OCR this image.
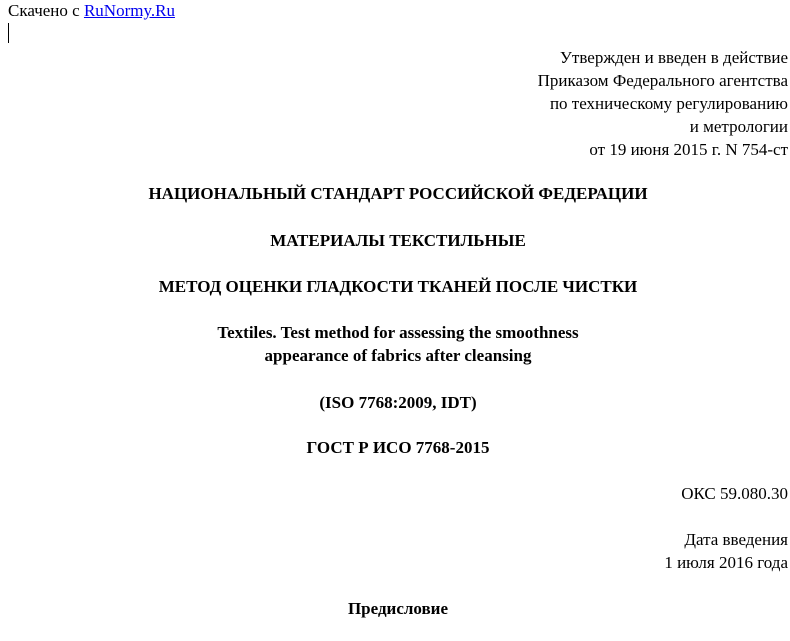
Скачено с RuNormy.Ru
Утвержден и введен в действие
Приказом Федерального агентства
по техническому регулированию
и метрологии
от 19 июня 2015 г. N 754-ст
НАЦИОНАЛЬНЫЙ СТАНДАРТ РОССИЙСКОЙ ФЕДЕРАЦИИ
МАТЕРИАЛЫ ТЕКСТИЛЬНЫЕ
МЕТОД ОЦЕНКИ ГЛАДКОСТИ ТКАНЕЙ ПОСЛЕ ЧИСТКИ
Textiles. Test method for assessing the smoothness
appearance of fabrics after cleansing
(ISO 7768:2009, IDT)
ГОСТ Р ИСО 7768-2015
ОКС 59.080.30
Дата введения
1 июля 2016 года
Предисловие
